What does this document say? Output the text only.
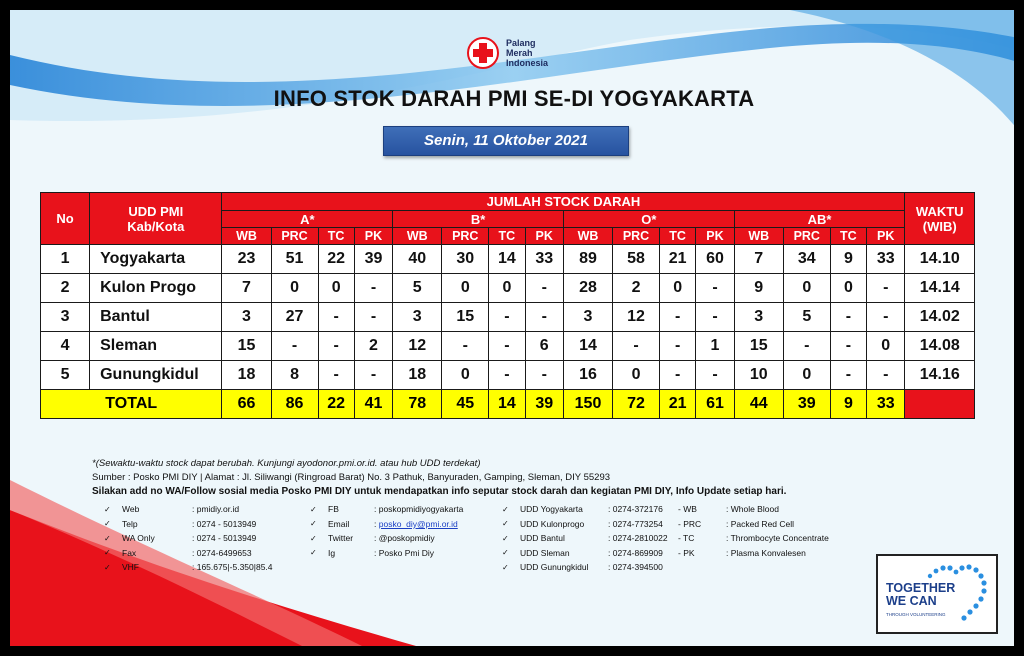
Palang
Merah
Indonesia
INFO STOK DARAH PMI SE-DI YOGYAKARTA
Senin, 11 Oktober 2021
No	UDD PMI
Kab/Kota	JUMLAH STOCK DARAH																WAKTU
(WIB)
		A*				B*				O*				AB*				
		WB	PRC	TC	PK	WB	PRC	TC	PK	WB	PRC	TC	PK	WB	PRC	TC	PK	
1	Yogyakarta	23	51	22	39	40	30	14	33	89	58	21	60	7	34	9	33	14.10
2	Kulon Progo	7	0	0	-	5	0	0	-	28	2	0	-	9	0	0	-	14.14
3	Bantul	3	27	-	-	3	15	-	-	3	12	-	-	3	5	-	-	14.02
4	Sleman	15	-	-	2	12	-	-	6	14	-	-	1	15	-	-	0	14.08
5	Gunungkidul	18	8	-	-	18	0	-	-	16	0	-	-	10	0	-	-	14.16
TOTAL		66	86	22	41	78	45	14	39	150	72	21	61	44	39	9	33	
*(Sewaktu-waktu stock dapat berubah. Kunjungi ayodonor.pmi.or.id. atau hub UDD terdekat)
Sumber : Posko PMI DIY | Alamat : Jl. Siliwangi (Ringroad Barat) No. 3 Pathuk, Banyuraden, Gamping, Sleman, DIY 55293
Silakan add no WA/Follow sosial media Posko PMI DIY untuk mendapatkan info seputar stock darah dan kegiatan PMI DIY, Info Update setiap hari.
✓	Web	: pmidiy.or.id
✓	Telp	: 0274 - 5013949
✓	WA Only	: 0274 - 5013949
✓	Fax	: 0274-6499653
✓	VHF	: 165.675|-5.350|85.4
✓	FB	: poskopmidiyogyakarta
✓	Email	: posko_diy@pmi.or.id
✓	Twitter	: @poskopmidiy
✓	Ig	: Posko Pmi Diy
✓	UDD Yogyakarta	: 0274-372176
✓	UDD Kulonprogo	: 0274-773254
✓	UDD Bantul	: 0274-2810022
✓	UDD Sleman	: 0274-869909
✓	UDD Gunungkidul	: 0274-394500
- WB	: Whole Blood
- PRC	: Packed Red Cell
- TC	: Thrombocyte Concentrate
- PK	: Plasma Konvalesen
TOGETHER
WE CAN
THROUGH VOLUNTEERING
